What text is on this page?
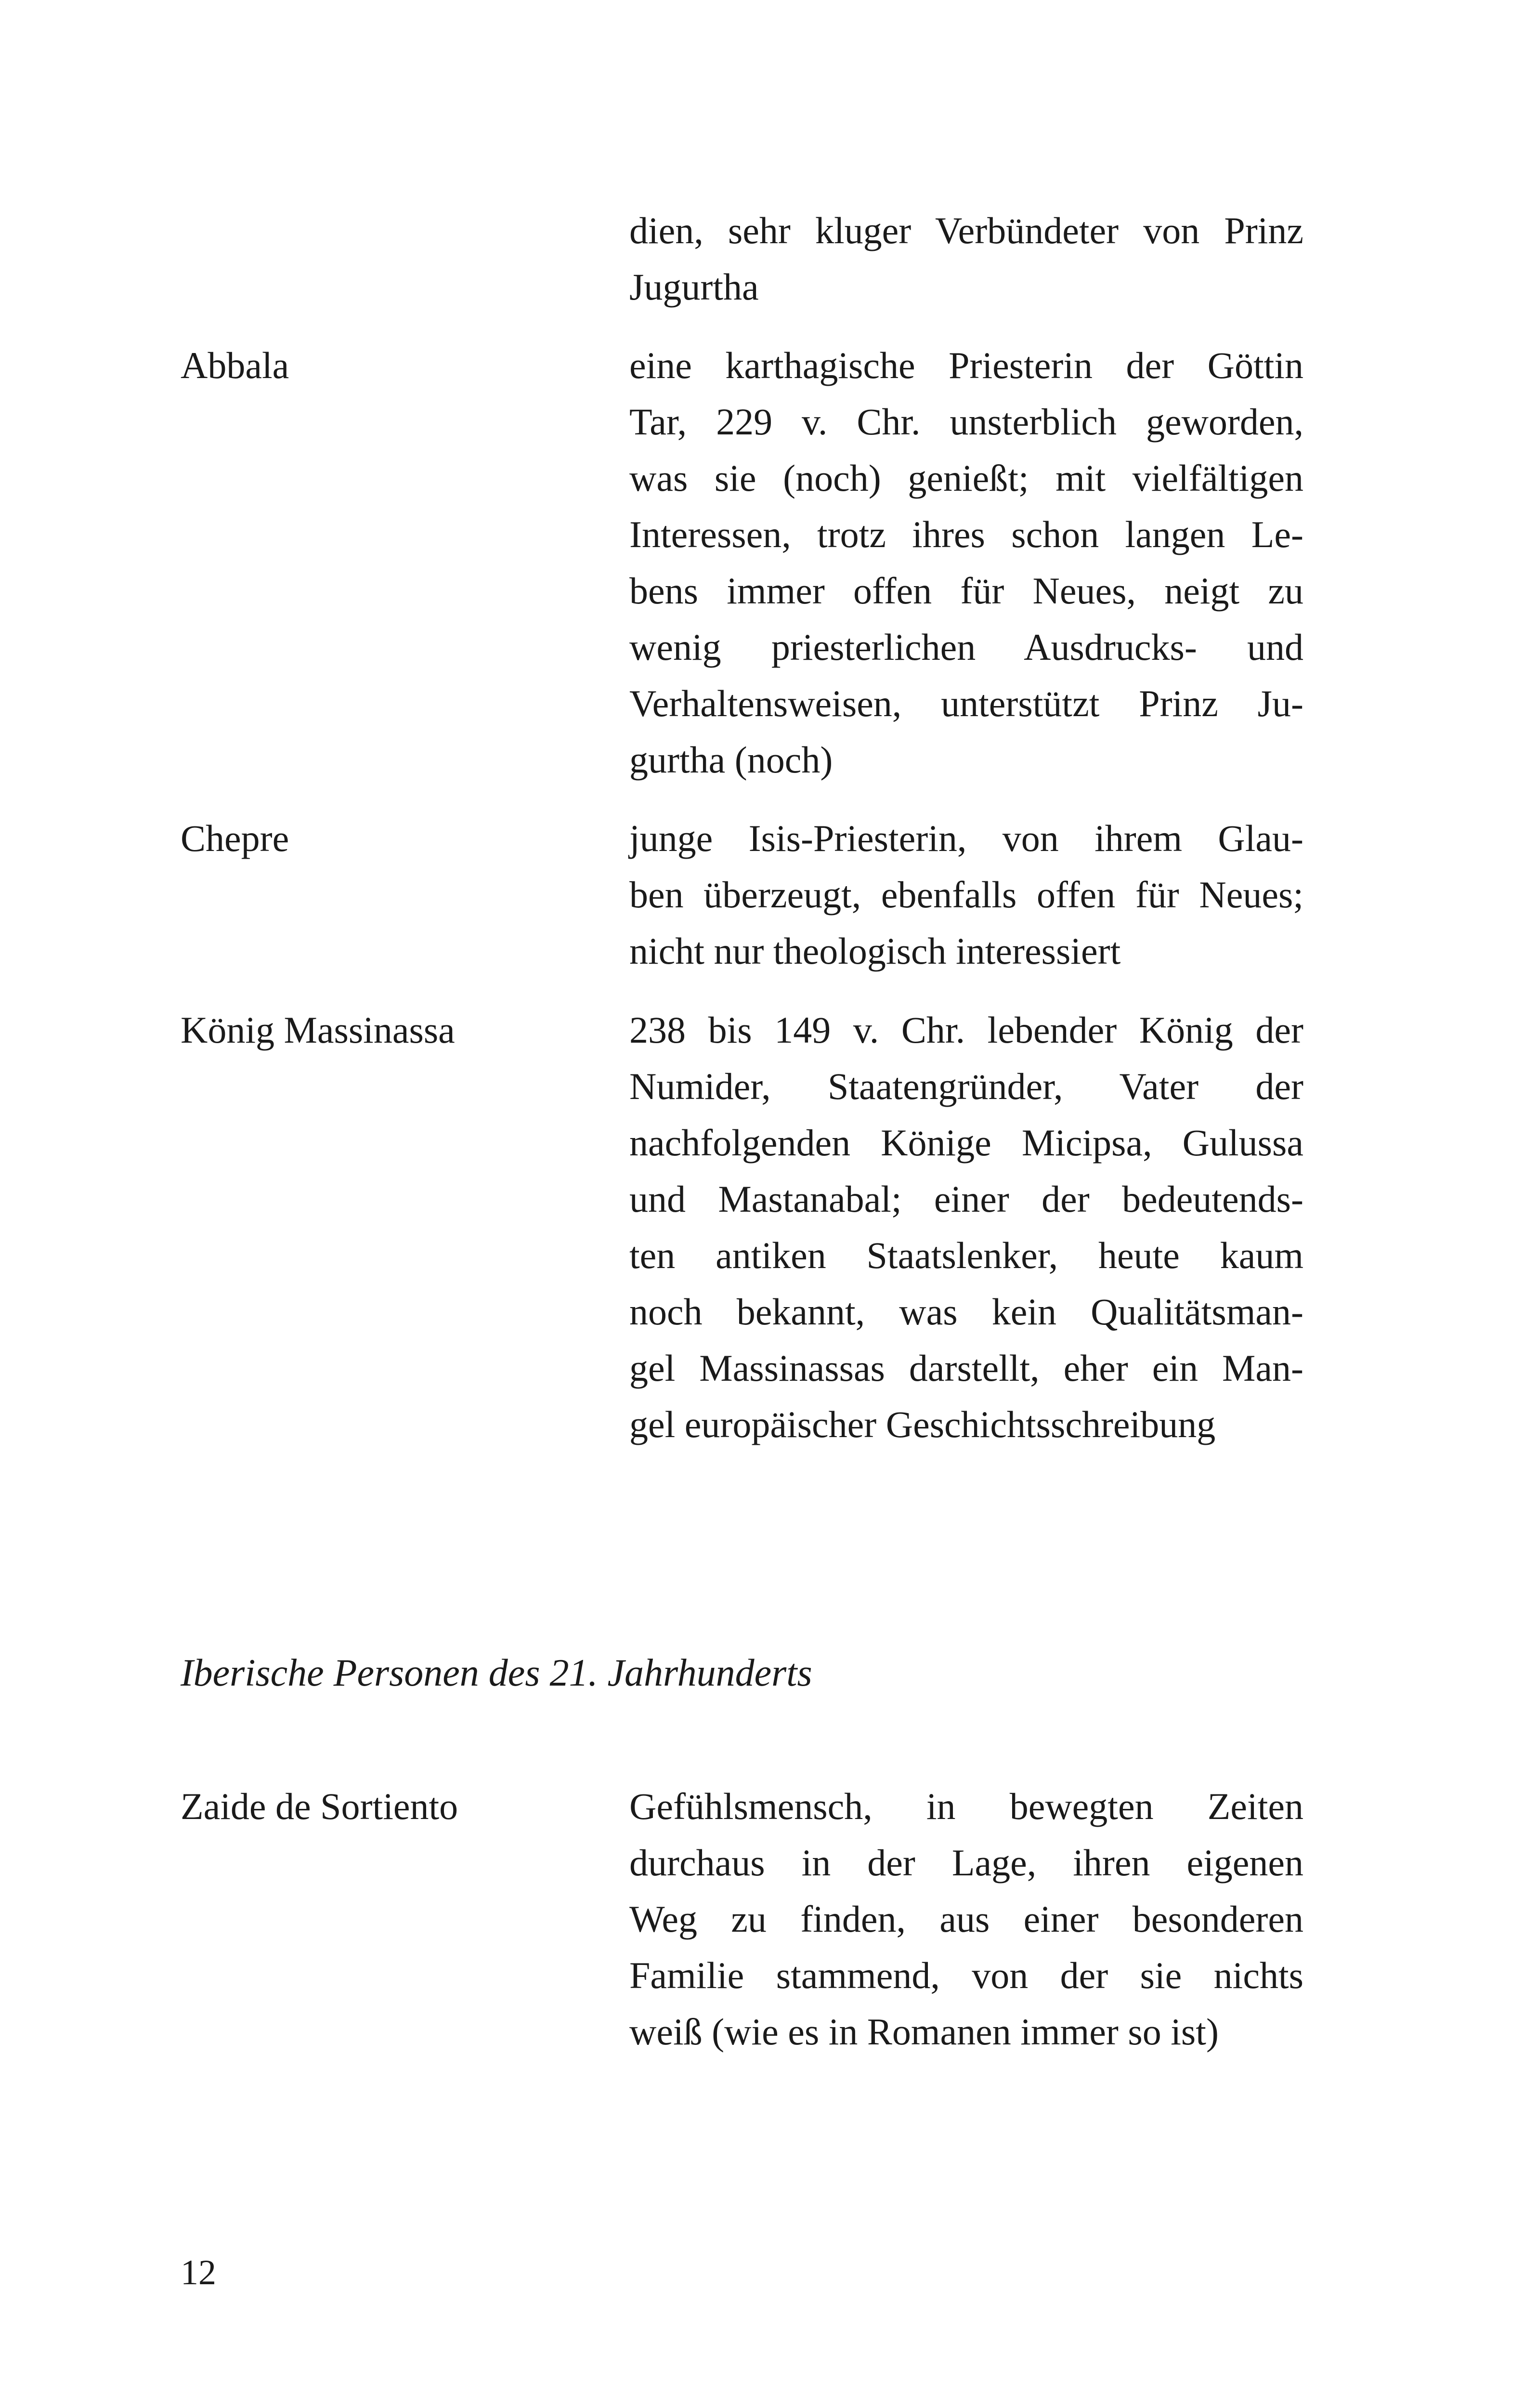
dien, sehr kluger Verbündeter von Prinz
Jugurtha
Abbala	eine karthagische Priesterin der Göttin
Tar, 229 v. Chr. unsterblich geworden,
was sie (noch) genießt; mit vielfältigen
Interessen, trotz ihres schon langen Le-
bens immer offen für Neues, neigt zu
wenig priesterlichen Ausdrucks- und
Verhaltensweisen, unterstützt Prinz Ju-
gurtha (noch)
Chepre	junge Isis-Priesterin, von ihrem Glau-
ben überzeugt, ebenfalls offen für Neues;
nicht nur theologisch interessiert
König Massinassa	238 bis 149 v. Chr. lebender König der
Numider, Staatengründer, Vater der
nachfolgenden Könige Micipsa, Gulussa
und Mastanabal; einer der bedeutends-
ten antiken Staatslenker, heute kaum
noch bekannt, was kein Qualitätsman-
gel Massinassas darstellt, eher ein Man-
gel europäischer Geschichtsschreibung
Iberische Personen des 21. Jahrhunderts
Zaide de Sortiento	Gefühlsmensch, in bewegten Zeiten
durchaus in der Lage, ihren eigenen
Weg zu finden, aus einer besonderen
Familie stammend, von der sie nichts
weiß (wie es in Romanen immer so ist)
12
